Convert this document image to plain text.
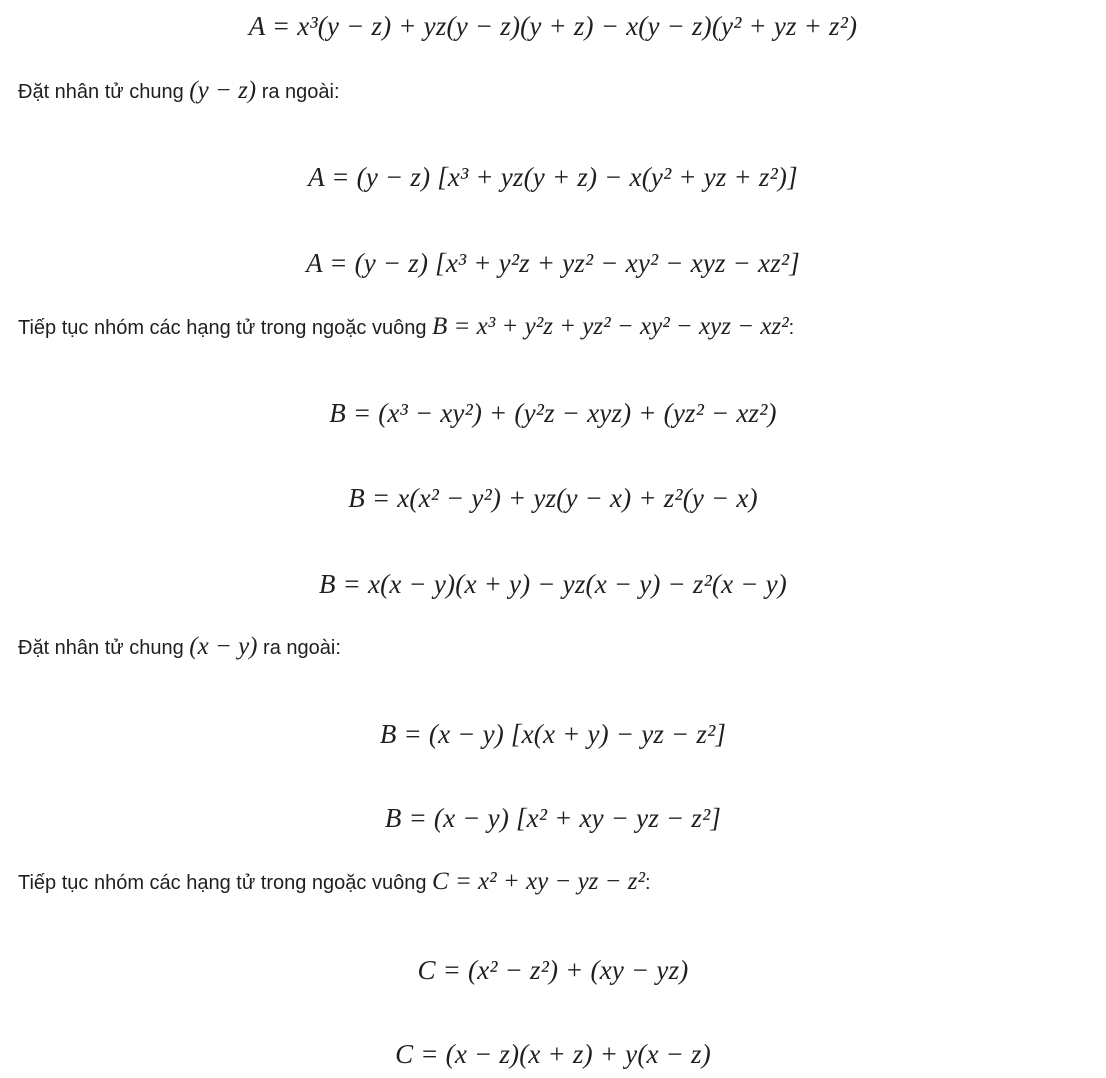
A = x³(y − z) + yz(y − z)(y + z) − x(y − z)(y² + yz + z²)
Đặt nhân tử chung (y − z) ra ngoài:
A = (y − z) [x³ + yz(y + z) − x(y² + yz + z²)]
A = (y − z) [x³ + y²z + yz² − xy² − xyz − xz²]
Tiếp tục nhóm các hạng tử trong ngoặc vuông B = x³ + y²z + yz² − xy² − xyz − xz²:
B = (x³ − xy²) + (y²z − xyz) + (yz² − xz²)
B = x(x² − y²) + yz(y − x) + z²(y − x)
B = x(x − y)(x + y) − yz(x − y) − z²(x − y)
Đặt nhân tử chung (x − y) ra ngoài:
B = (x − y) [x(x + y) − yz − z²]
B = (x − y) [x² + xy − yz − z²]
Tiếp tục nhóm các hạng tử trong ngoặc vuông C = x² + xy − yz − z²:
C = (x² − z²) + (xy − yz)
C = (x − z)(x + z) + y(x − z)
